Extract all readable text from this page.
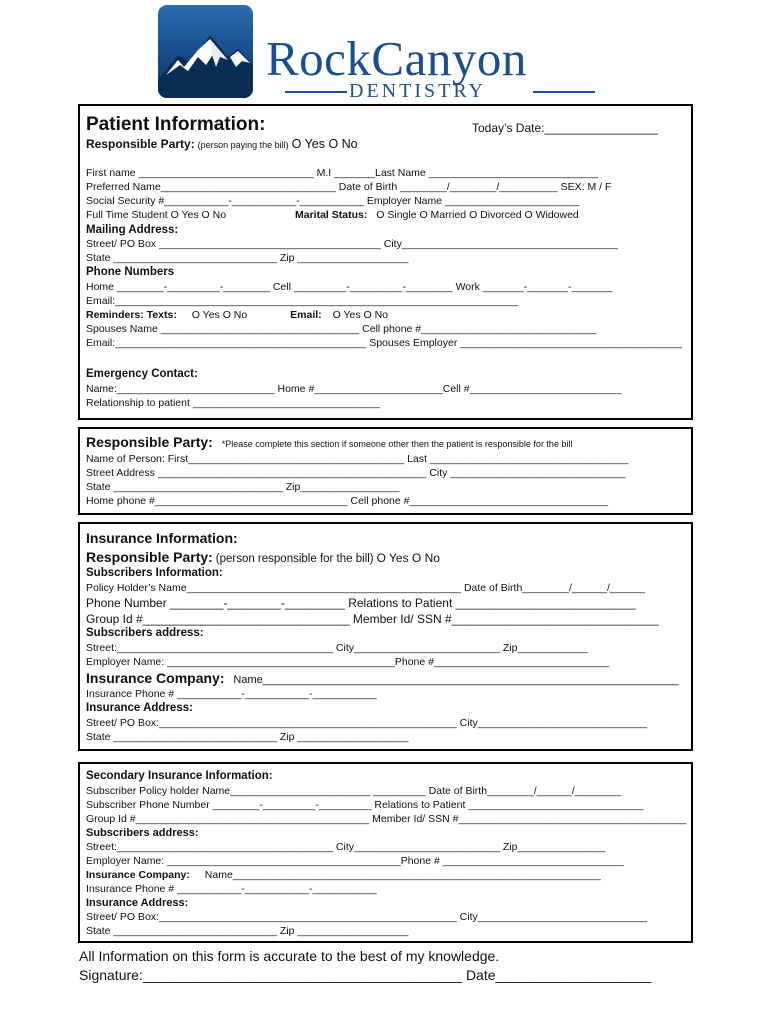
RockCanyon
DENTISTRY
Patient Information:	Today’s Date:_________________
Responsible Party: (person paying the bill) O Yes O No
First name ______________________________ M.I _______Last Name _____________________________
Preferred Name______________________________ Date of Birth ________/________/__________ SEX: M / F
Social Security #___________-___________-___________ Employer Name _______________________
Full Time Student O Yes O No	Marital Status: O Single O Married O Divorced O Widowed
Mailing Address:
Street/ PO Box ______________________________________ City_____________________________________
State ____________________________ Zip ___________________
Phone Numbers
Home ________-_________-________ Cell _________-_________-________ Work _______-_______-_______
Email:_____________________________________________________________________
Reminders: Texts: O Yes O No	Email: O Yes O No
Spouses Name __________________________________ Cell phone #______________________________
Email:___________________________________________ Spouses Employer ______________________________________
Emergency Contact:
Name:___________________________ Home #______________________Cell #__________________________
Relationship to patient ________________________________
Responsible Party: *Please complete this section if someone other then the patient is responsible for the bill
Name of Person: First_____________________________________ Last __________________________________
Street Address ______________________________________________ City ______________________________
State _____________________________ Zip_________________
Home phone #_________________________________ Cell phone #__________________________________
Insurance Information:
Responsible Party: (person responsible for the bill) O Yes O No
Subscribers Information:
Policy Holder’s Name_______________________________________________ Date of Birth________/______/______
Phone Number ________-________-_________ Relations to Patient ___________________________
Group Id #_______________________________ Member Id/ SSN #_______________________________
Subscribers address:
Street:_____________________________________ City_________________________ Zip____________
Employer Name: _______________________________________Phone #______________________________
Insurance Company: Name____________________________________________________________________
Insurance Phone # ___________-___________-___________
Insurance Address:
Street/ PO Box:___________________________________________________ City_____________________________
State ____________________________ Zip ___________________
Secondary Insurance Information:
Subscriber Policy holder Name________________________ _________ Date of Birth________/______/________
Subscriber Phone Number ________-_________-_________ Relations to Patient ______________________________
Group Id #________________________________________ Member Id/ SSN #_______________________________________
Subscribers address:
Street:_____________________________________ City_________________________ Zip_______________
Employer Name: ________________________________________Phone # _______________________________
Insurance Company: Name_______________________________________________________________
Insurance Phone # ___________-___________-___________
Insurance Address:
Street/ PO Box:___________________________________________________ City_____________________________
State ____________________________ Zip ___________________
All Information on this form is accurate to the best of my knowledge.
Signature:_________________________________________ Date____________________
